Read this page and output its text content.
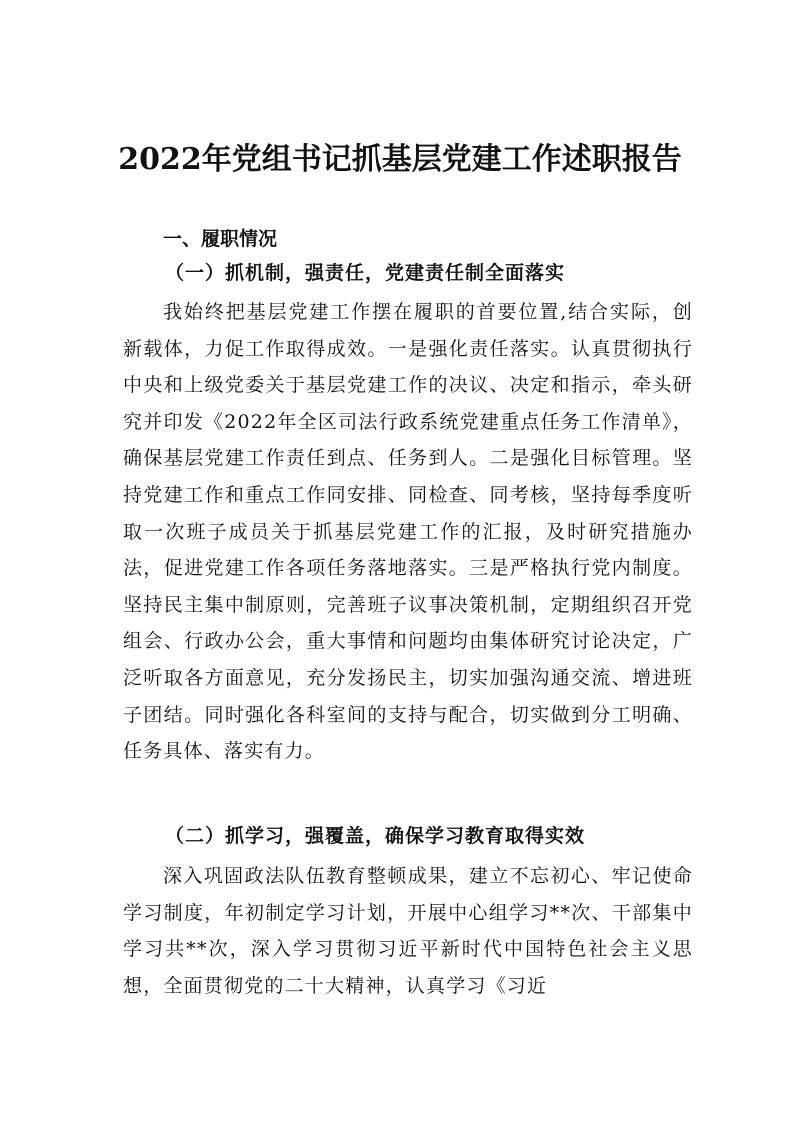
2022年党组书记抓基层党建工作述职报告
一、履职情况
（一）抓机制，强责任，党建责任制全面落实

我始终把基层党建工作摆在履职的首要位置,结合实际，创新载体，力促工作取得成效。一是强化责任落实。认真贯彻执行中央和上级党委关于基层党建工作的决议、决定和指示，牵头研究并印发《2022年全区司法行政系统党建重点任务工作清单》，确保基层党建工作责任到点、任务到人。二是强化目标管理。坚持党建工作和重点工作同安排、同检查、同考核，坚持每季度听取一次班子成员关于抓基层党建工作的汇报，及时研究措施办法，促进党建工作各项任务落地落实。三是严格执行党内制度。坚持民主集中制原则，完善班子议事决策机制，定期组织召开党组会、行政办公会，重大事情和问题均由集体研究讨论决定，广泛听取各方面意见，充分发扬民主，切实加强沟通交流、增进班子团结。同时强化各科室间的支持与配合，切实做到分工明确、任务具体、落实有力。

（二）抓学习，强覆盖，确保学习教育取得实效

深入巩固政法队伍教育整顿成果，建立不忘初心、牢记使命学习制度，年初制定学习计划，开展中心组学习**次、干部集中学习共**次，深入学习贯彻习近平新时代中国特色社会主义思想，全面贯彻党的二十大精神，认真学习《习近
